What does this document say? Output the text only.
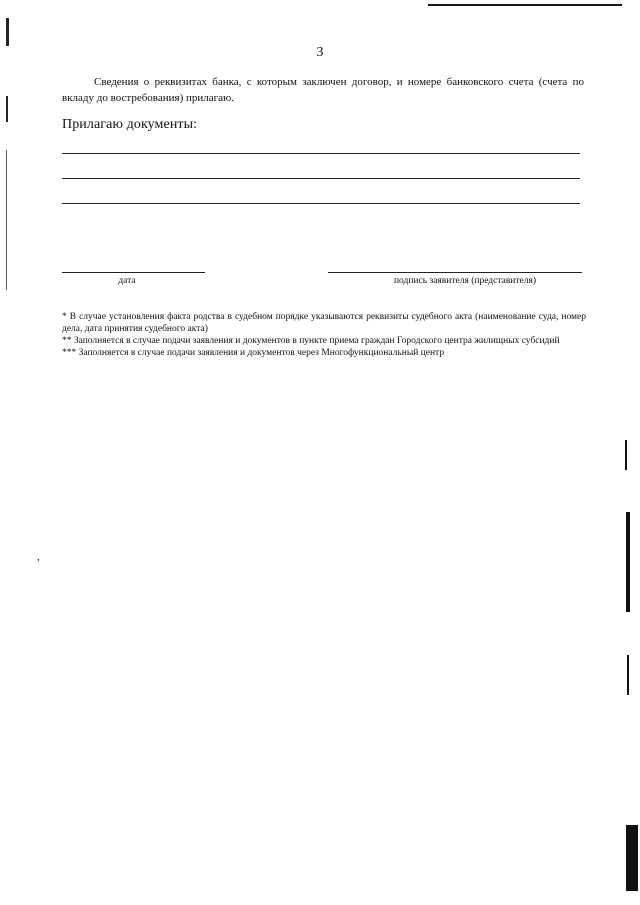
3
Сведения о реквизитах банка, с которым заключен договор, и номере банковского счета (счета по вкладу до востребования) прилагаю.
Прилагаю документы:
дата	подпись заявителя (представителя)

* В случае установления факта родства в судебном порядке указываются реквизиты судебного акта (наименование суда, номер дела, дата принятия судебного акта)

** Заполняется в случае подачи заявления и документов в пункте приема граждан Городского центра жилищных субсидий

*** Заполняется в случае подачи заявления и документов через Многофункциональный центр

,
